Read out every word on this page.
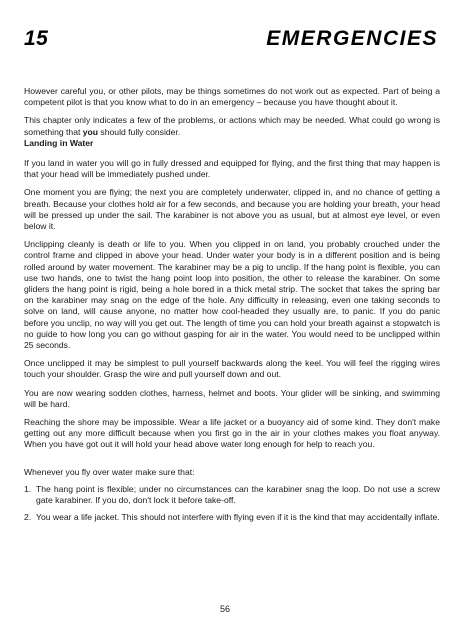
15	EMERGENCIES

However careful you, or other pilots, may be things sometimes do not work out as expected. Part of being a competent pilot is that you know what to do in an emergency – because you have thought about it.

This chapter only indicates a few of the problems, or actions which may be needed. What could go wrong is something that you should fully consider.

Landing in Water

If you land in water you will go in fully dressed and equipped for flying, and the first thing that may happen is that your head will be immediately pushed under.

One moment you are flying; the next you are completely underwater, clipped in, and no chance of getting a breath. Because your clothes hold air for a few seconds, and because you are holding your breath, your head will be pressed up under the sail. The karabiner is not above you as usual, but at almost eye level, or even below it.

Unclipping cleanly is death or life to you. When you clipped in on land, you probably crouched under the control frame and clipped in above your head. Under water your body is in a different position and is being rolled around by water movement. The karabiner may be a pig to unclip. If the hang point is flexible, you can use two hands, one to twist the hang point loop into position, the other to release the karabiner. On some gliders the hang point is rigid, being a hole bored in a thick metal strip. The socket that takes the spring bar on the karabiner may snag on the edge of the hole. Any difficulty in releasing, even one taking seconds to solve on land, will cause anyone, no matter how cool-headed they usually are, to panic. If you do panic before you unclip, no way will you get out. The length of time you can hold your breath against a stopwatch is no guide to how long you can go without gasping for air in the water. You would need to be unclipped within 25 seconds.

Once unclipped it may be simplest to pull yourself backwards along the keel. You will feel the rigging wires touch your shoulder. Grasp the wire and pull yourself down and out.

You are now wearing sodden clothes, harness, helmet and boots. Your glider will be sinking, and swimming will be hard.

Reaching the shore may be impossible. Wear a life jacket or a buoyancy aid of some kind. They don't make getting out any more difficult because when you first go in the air in your clothes makes you float anyway. When you have got out it will hold your head above water long enough for help to reach you.

Whenever you fly over water make sure that:

1. The hang point is flexible; under no circumstances can the karabiner snag the loop. Do not use a screw gate karabiner. If you do, don't lock it before take-off.
2. You wear a life jacket. This should not interfere with flying even if it is the kind that may accidentally inflate.
56
